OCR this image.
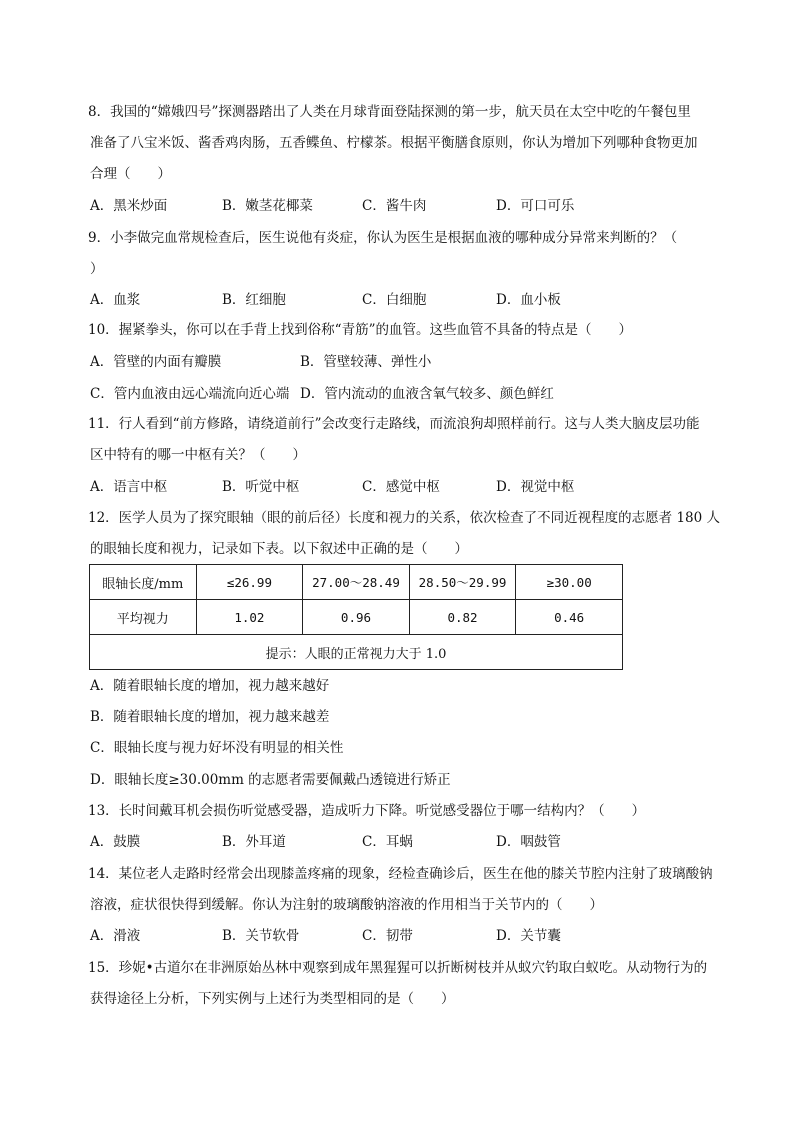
8．我国的“嫦娥四号”探测器踏出了人类在月球背面登陆探测的第一步，航天员在太空中吃的午餐包里
准备了八宝米饭、酱香鸡肉肠，五香鲽鱼、柠檬茶。根据平衡膳食原则，你认为增加下列哪种食物更加
合理（　　）
A．黑米炒面	B．嫩茎花椰菜	C．酱牛肉	D．可口可乐
9．小李做完血常规检查后，医生说他有炎症，你认为医生是根据血液的哪种成分异常来判断的？（
）
A．血浆	B．红细胞	C．白细胞	D．血小板
10．握紧拳头，你可以在手背上找到俗称“青筋”的血管。这些血管不具备的特点是（　　）
A．管壁的内面有瓣膜	B．管壁较薄、弹性小
C．管内血液由远心端流向近心端 D．管内流动的血液含氧气较多、颜色鲜红
11．行人看到“前方修路，请绕道前行”会改变行走路线，而流浪狗却照样前行。这与人类大脑皮层功能
区中特有的哪一中枢有关？（　　）
A．语言中枢	B．听觉中枢	C．感觉中枢	D．视觉中枢
12．医学人员为了探究眼轴（眼的前后径）长度和视力的关系，依次检查了不同近视程度的志愿者 180 人
的眼轴长度和视力，记录如下表。以下叙述中正确的是（　　）
眼轴长度/mm	≤26.99	27.00～28.49	28.50～29.99	≥30.00
平均视力	1.02	0.96	0.82	0.46
提示：人眼的正常视力大于 1.0				
A．随着眼轴长度的增加，视力越来越好
B．随着眼轴长度的增加，视力越来越差
C．眼轴长度与视力好坏没有明显的相关性
D．眼轴长度≥30.00mm 的志愿者需要佩戴凸透镜进行矫正
13．长时间戴耳机会损伤听觉感受器，造成听力下降。听觉感受器位于哪一结构内？（　　）
A．鼓膜	B．外耳道	C．耳蜗	D．咽鼓管
14．某位老人走路时经常会出现膝盖疼痛的现象，经检查确诊后，医生在他的膝关节腔内注射了玻璃酸钠
溶液，症状很快得到缓解。你认为注射的玻璃酸钠溶液的作用相当于关节内的（　　）
A．滑液	B．关节软骨	C．韧带	D．关节囊
15．珍妮•古道尔在非洲原始丛林中观察到成年黑猩猩可以折断树枝并从蚁穴钓取白蚁吃。从动物行为的
获得途径上分析，下列实例与上述行为类型相同的是（　　）
